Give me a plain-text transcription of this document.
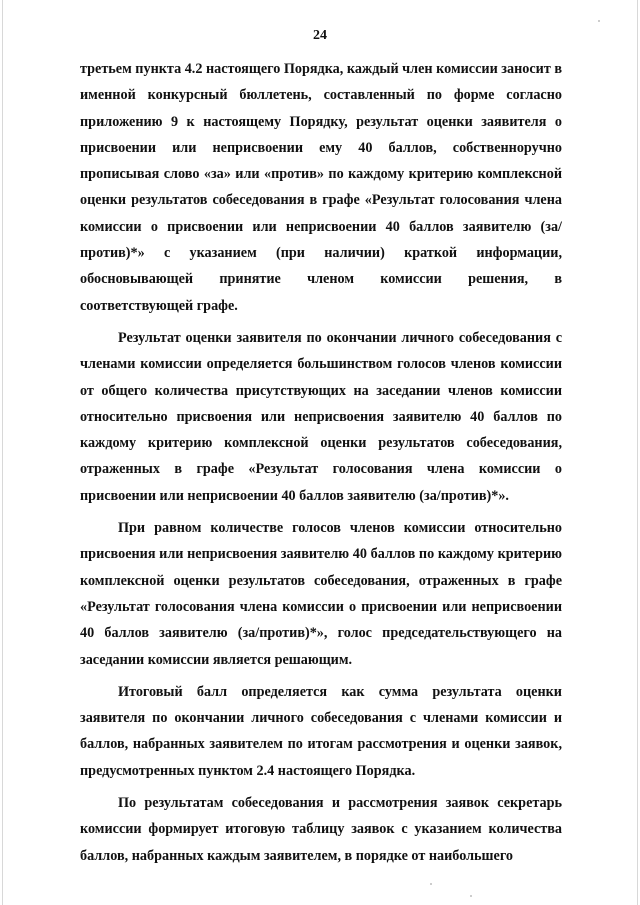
24

третьем пункта 4.2 настоящего Порядка, каждый член комиссии заносит в именной конкурсный бюллетень, составленный по форме согласно приложению 9 к настоящему Порядку, результат оценки заявителя о присвоении или неприсвоении ему 40 баллов, собственноручно прописывая слово «за» или «против» по каждому критерию комплексной оценки результатов собеседования в графе «Результат голосования члена комиссии о присвоении или неприсвоении 40 баллов заявителю (за/против)*» с указанием (при наличии) краткой информации, обосновывающей принятие членом комиссии решения, в соответствующей графе.

Результат оценки заявителя по окончании личного собеседования с членами комиссии определяется большинством голосов членов комиссии от общего количества присутствующих на заседании членов комиссии относительно присвоения или неприсвоения заявителю 40 баллов по каждому критерию комплексной оценки результатов собеседования, отраженных в графе «Результат голосования члена комиссии о присвоении или неприсвоении 40 баллов заявителю (за/против)*».

При равном количестве голосов членов комиссии относительно присвоения или неприсвоения заявителю 40 баллов по каждому критерию комплексной оценки результатов собеседования, отраженных в графе «Результат голосования члена комиссии о присвоении или неприсвоении 40 баллов заявителю (за/против)*», голос председательствующего на заседании комиссии является решающим.

Итоговый балл определяется как сумма результата оценки заявителя по окончании личного собеседования с членами комиссии и баллов, набранных заявителем по итогам рассмотрения и оценки заявок, предусмотренных пунктом 2.4 настоящего Порядка.

По результатам собеседования и рассмотрения заявок секретарь комиссии формирует итоговую таблицу заявок с указанием количества баллов, набранных каждым заявителем, в порядке от наибольшего
